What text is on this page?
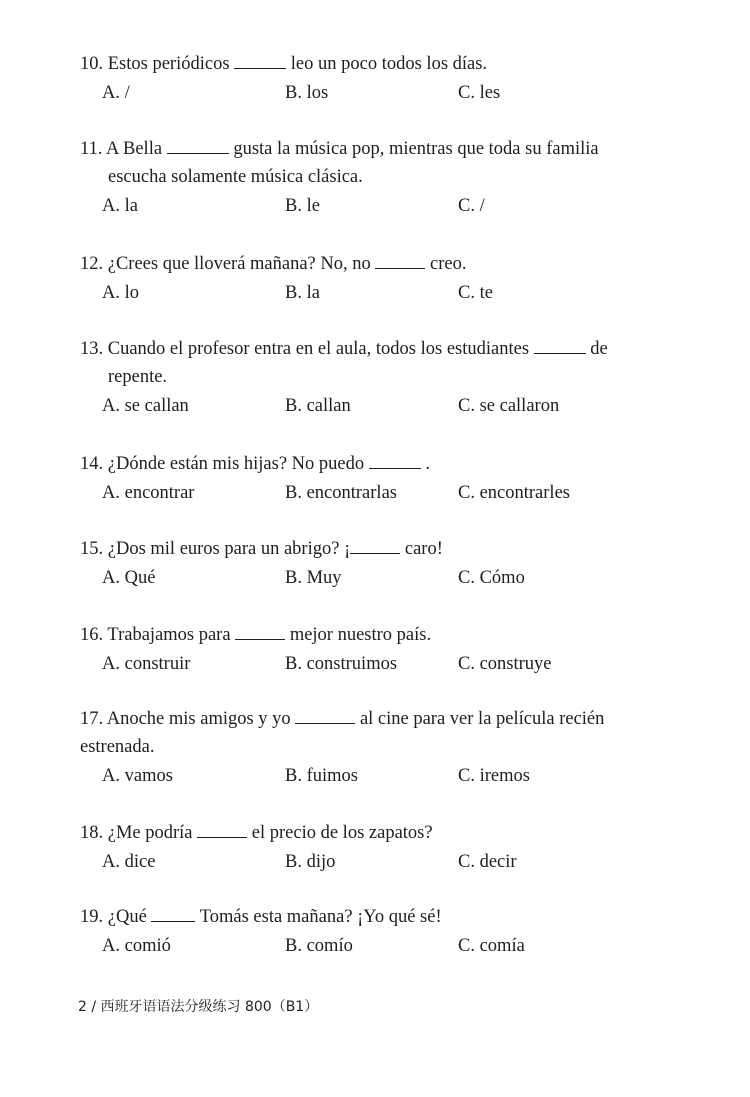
10. Estos periódicos	leo un poco todos los días.
A. /	B. los	C. les
11. A Bella	gusta la música pop, mientras que toda su familia
escucha solamente música clásica.
A. la	B. le	C. /
12. ¿Crees que lloverá mañana? No, no	creo.
A. lo	B. la	C. te
13. Cuando el profesor entra en el aula, todos los estudiantes	de
repente.
A. se callan	B. callan	C. se callaron
14. ¿Dónde están mis hijas? No puedo	.
A. encontrar	B. encontrarlas	C. encontrarles
15. ¿Dos mil euros para un abrigo? ¡	caro!
A. Qué	B. Muy	C. Cómo
16. Trabajamos para	mejor nuestro país.
A. construir	B. construimos	C. construye
17. Anoche mis amigos y yo	al cine para ver la película recién
estrenada.
A. vamos	B. fuimos	C. iremos
18. ¿Me podría	el precio de los zapatos?
A. dice	B. dijo	C. decir
19. ¿Qué	Tomás esta mañana? ¡Yo qué sé!
A. comió	B. comío	C. comía
2 / 西班牙语语法分级练习 800（B1）
